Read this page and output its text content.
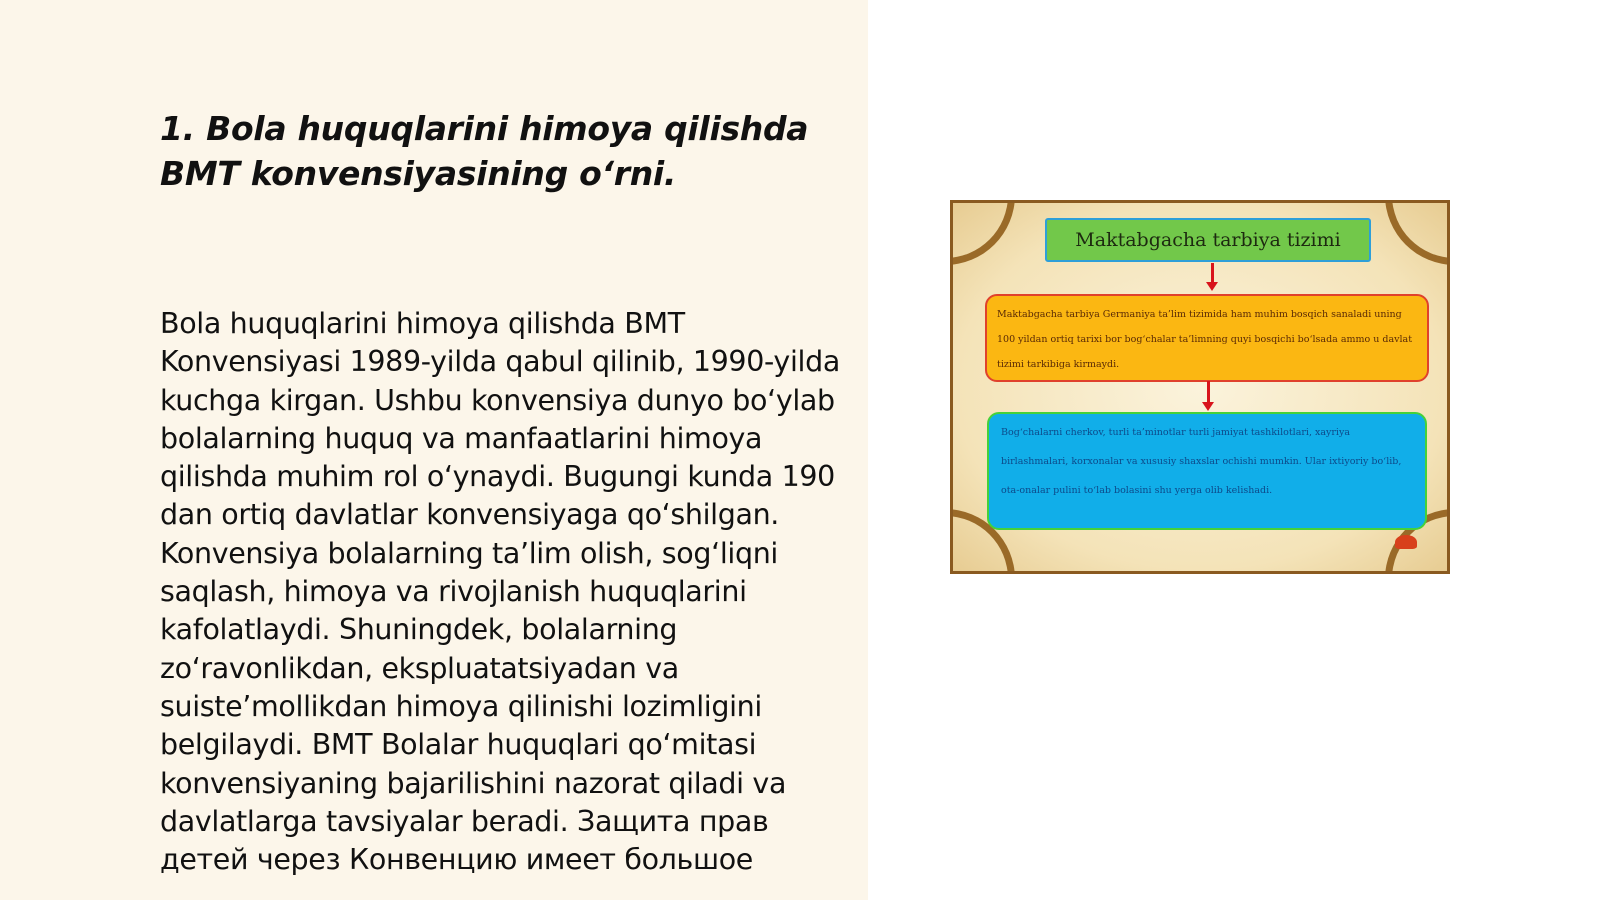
1. Bola huquqlarini himoya qilishda BMT konvensiyasining o‘rni.

Bola huquqlarini himoya qilishda BMT Konvensiyasi 1989-yilda qabul qilinib, 1990-yilda kuchga kirgan. Ushbu konvensiya dunyo bo‘ylab bolalarning huquq va manfaatlarini himoya qilishda muhim rol o‘ynaydi. Bugungi kunda 190 dan ortiq davlatlar konvensiyaga qo‘shilgan. Konvensiya bolalarning ta’lim olish, sog‘liqni saqlash, himoya va rivojlanish huquqlarini kafolatlaydi. Shuningdek, bolalarning zo‘ravonlikdan, ekspluatatsiyadan va suiste’mollikdan himoya qilinishi lozimligini belgilaydi. BMT Bolalar huquqlari qo‘mitasi konvensiyaning bajarilishini nazorat qiladi va davlatlarga tavsiyalar beradi. Защита прав детей через Конвенцию имеет большое

Maktabgacha tarbiya tizimi
Maktabgacha tarbiya Germaniya ta’lim tizimida ham muhim bosqich sanaladi uning 100 yildan ortiq tarixi bor bog‘chalar ta’limning quyi bosqichi bo‘lsada ammo u davlat tizimi tarkibiga kirmaydi.
Bog‘chalarni cherkov, turli ta’minotlar turli jamiyat tashkilotlari, xayriya birlashmalari, korxonalar va xususiy shaxslar ochishi mumkin. Ular ixtiyoriy bo‘lib, ota-onalar pulini to‘lab bolasini shu yerga olib kelishadi.
